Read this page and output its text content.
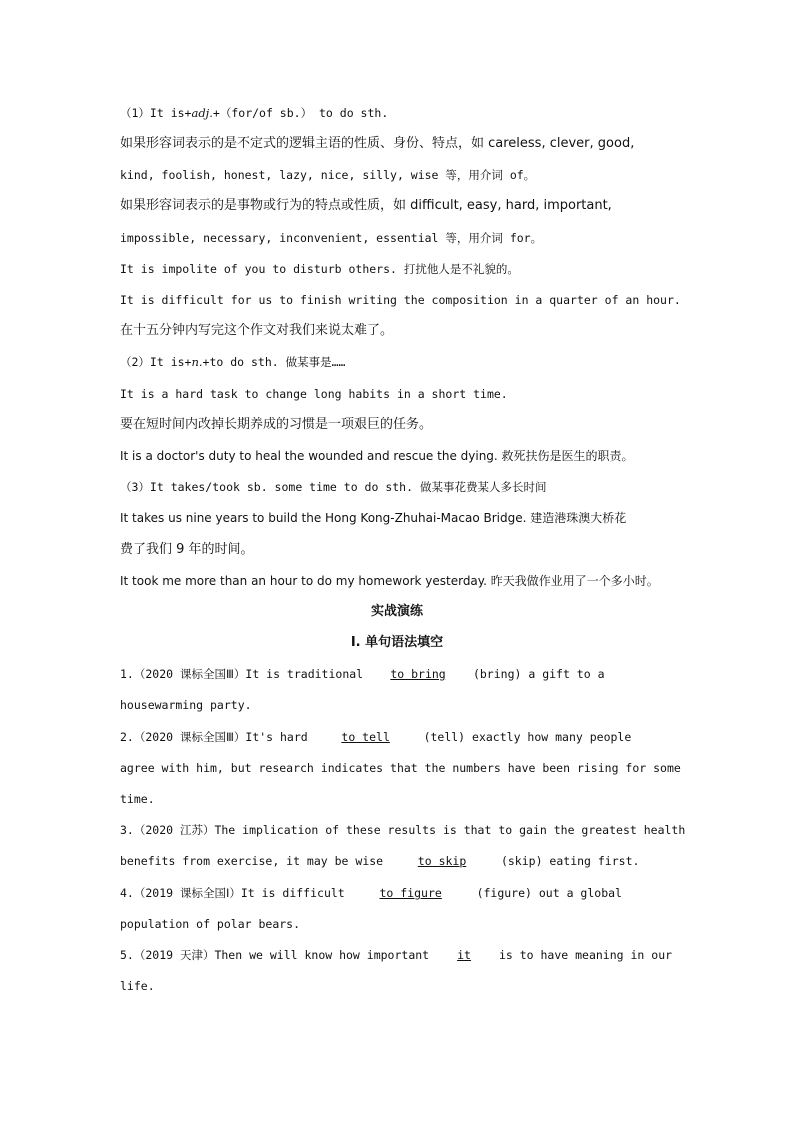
（1）It is+adj.+（for/of sb.） to do sth.
如果形容词表示的是不定式的逻辑主语的性质、身份、特点，如 careless, clever, good,
kind, foolish, honest, lazy, nice, silly, wise 等，用介词 of。
如果形容词表示的是事物或行为的特点或性质，如 difficult, easy, hard, important,
impossible, necessary, inconvenient, essential 等，用介词 for。
It is impolite of you to disturb others. 打扰他人是不礼貌的。
It is difficult for us to finish writing the composition in a quarter of an hour.
在十五分钟内写完这个作文对我们来说太难了。
（2）It is+n.+to do sth. 做某事是……
It is a hard task to change long habits in a short time.
要在短时间内改掉长期养成的习惯是一项艰巨的任务。
It is a doctor's duty to heal the wounded and rescue the dying. 救死扶伤是医生的职责。
（3）It takes/took sb. some time to do sth. 做某事花费某人多长时间
It takes us nine years to build the Hong Kong-Zhuhai-Macao Bridge. 建造港珠澳大桥花
费了我们 9 年的时间。
It took me more than an hour to do my homework yesterday. 昨天我做作业用了一个多小时。
实战演练
Ⅰ. 单句语法填空
1.（2020 课标全国Ⅲ）It is traditional to bring (bring) a gift to a
housewarming party.
2.（2020 课标全国Ⅲ）It's hard to tell (tell) exactly how many people
agree with him, but research indicates that the numbers have been rising for some
time.
3.（2020 江苏）The implication of these results is that to gain the greatest health
benefits from exercise, it may be wise to skip (skip) eating first.
4.（2019 课标全国Ⅰ）It is difficult to figure (figure) out a global
population of polar bears.
5.（2019 天津）Then we will know how important it is to have meaning in our
life.
